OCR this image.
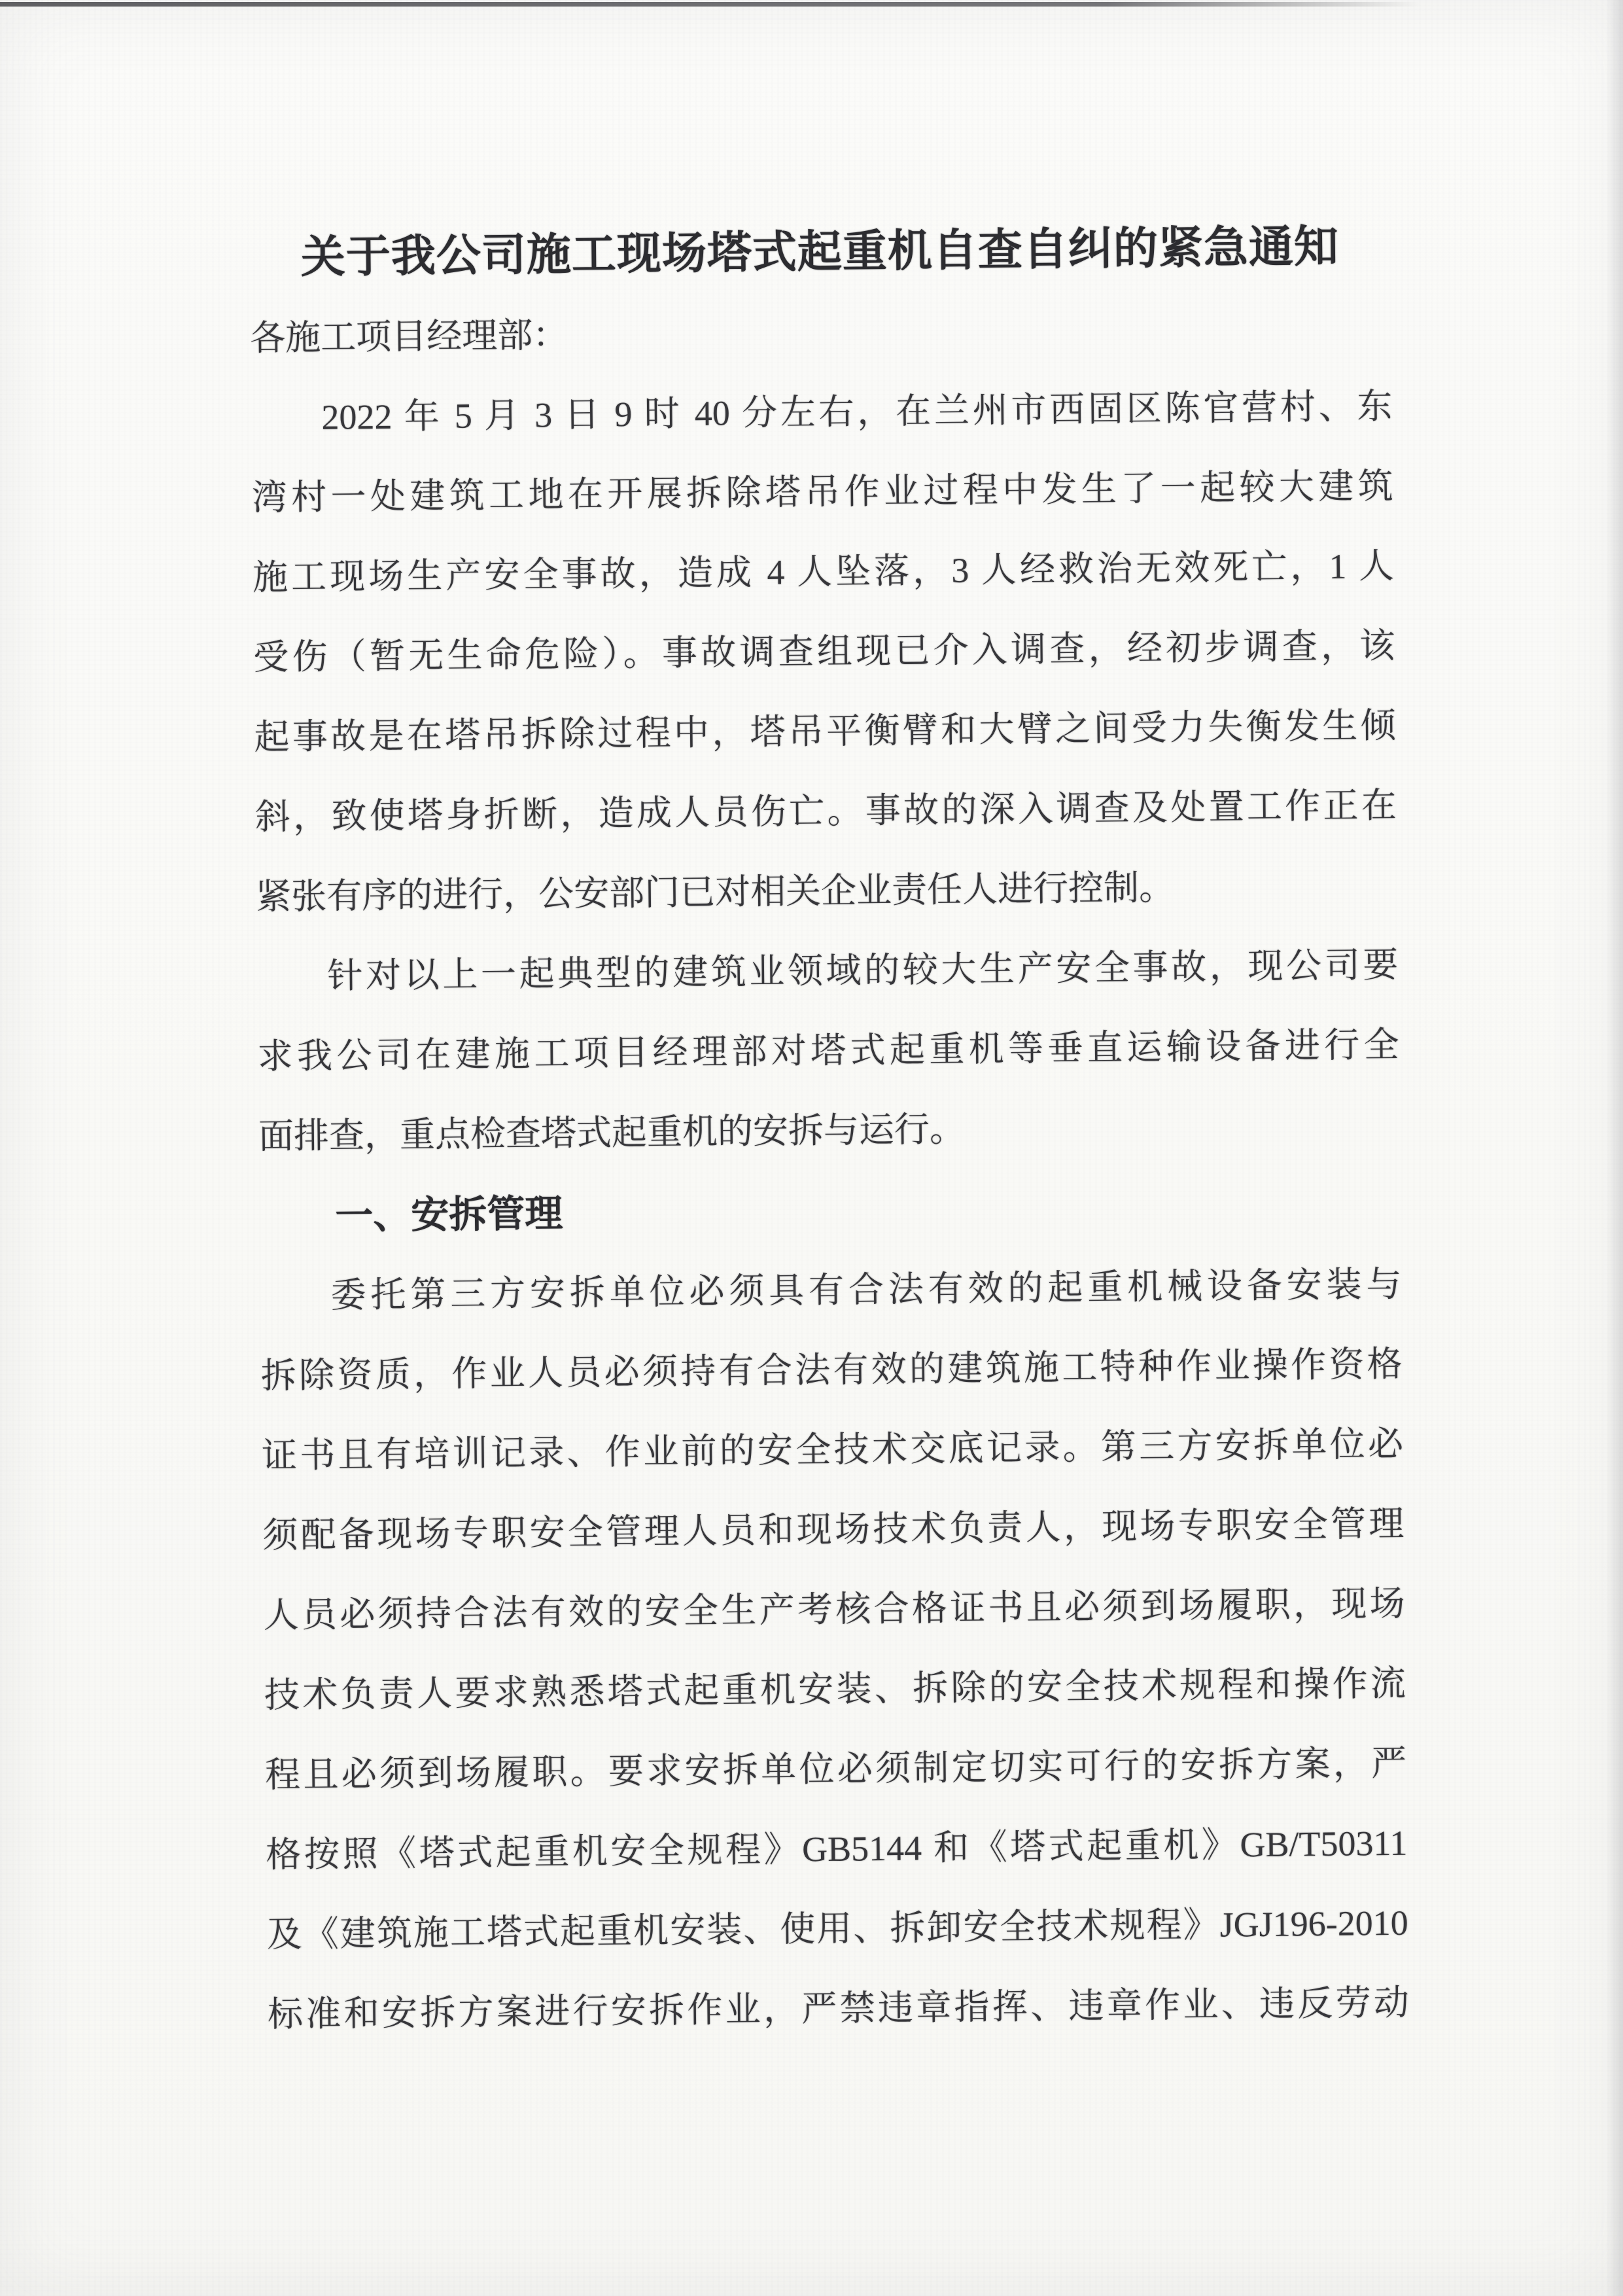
关于我公司施工现场塔式起重机自查自纠的紧急通知
各施工项目经理部：
2022 年 5 月 3 日 9 时 40 分左右，在兰州市西固区陈官营村、东
湾村一处建筑工地在开展拆除塔吊作业过程中发生了一起较大建筑
施工现场生产安全事故，造成 4 人坠落，3 人经救治无效死亡，1 人
受伤（暂无生命危险）。事故调查组现已介入调查，经初步调查，该
起事故是在塔吊拆除过程中，塔吊平衡臂和大臂之间受力失衡发生倾
斜，致使塔身折断，造成人员伤亡。事故的深入调查及处置工作正在
紧张有序的进行，公安部门已对相关企业责任人进行控制。
针对以上一起典型的建筑业领域的较大生产安全事故，现公司要
求我公司在建施工项目经理部对塔式起重机等垂直运输设备进行全
面排查，重点检查塔式起重机的安拆与运行。
一、安拆管理
委托第三方安拆单位必须具有合法有效的起重机械设备安装与
拆除资质，作业人员必须持有合法有效的建筑施工特种作业操作资格
证书且有培训记录、作业前的安全技术交底记录。第三方安拆单位必
须配备现场专职安全管理人员和现场技术负责人，现场专职安全管理
人员必须持合法有效的安全生产考核合格证书且必须到场履职，现场
技术负责人要求熟悉塔式起重机安装、拆除的安全技术规程和操作流
程且必须到场履职。要求安拆单位必须制定切实可行的安拆方案，严
格按照《塔式起重机安全规程》GB5144 和《塔式起重机》GB/T50311
及《建筑施工塔式起重机安装、使用、拆卸安全技术规程》JGJ196-2010
标准和安拆方案进行安拆作业，严禁违章指挥、违章作业、违反劳动
